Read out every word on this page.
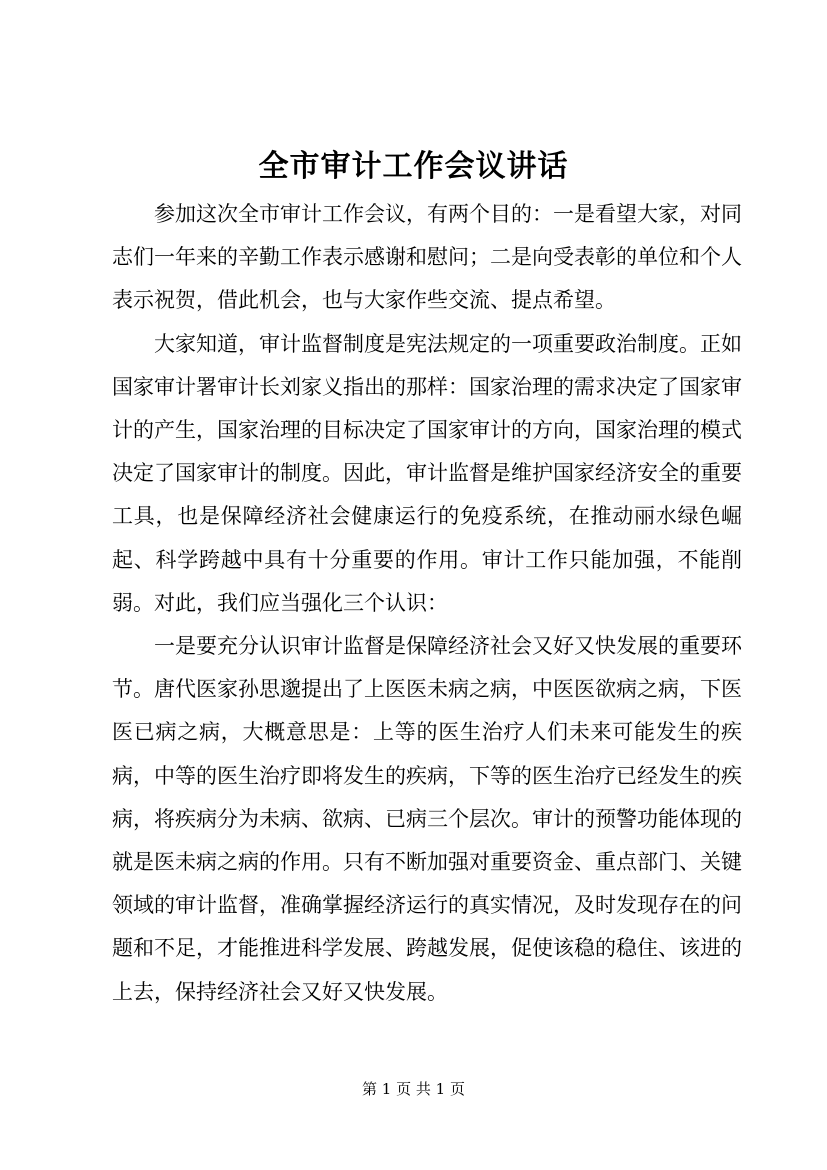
全市审计工作会议讲话

参加这次全市审计工作会议，有两个目的：一是看望大家，对同志们一年来的辛勤工作表示感谢和慰问；二是向受表彰的单位和个人表示祝贺，借此机会，也与大家作些交流、提点希望。

大家知道，审计监督制度是宪法规定的一项重要政治制度。正如国家审计署审计长刘家义指出的那样：国家治理的需求决定了国家审计的产生，国家治理的目标决定了国家审计的方向，国家治理的模式决定了国家审计的制度。因此，审计监督是维护国家经济安全的重要工具，也是保障经济社会健康运行的免疫系统，在推动丽水绿色崛起、科学跨越中具有十分重要的作用。审计工作只能加强，不能削弱。对此，我们应当强化三个认识：

一是要充分认识审计监督是保障经济社会又好又快发展的重要环节。唐代医家孙思邈提出了上医医未病之病，中医医欲病之病，下医医已病之病，大概意思是：上等的医生治疗人们未来可能发生的疾病，中等的医生治疗即将发生的疾病，下等的医生治疗已经发生的疾病，将疾病分为未病、欲病、已病三个层次。审计的预警功能体现的就是医未病之病的作用。只有不断加强对重要资金、重点部门、关键领域的审计监督，准确掌握经济运行的真实情况，及时发现存在的问题和不足，才能推进科学发展、跨越发展，促使该稳的稳住、该进的上去，保持经济社会又好又快发展。

第 1 页 共 1 页
